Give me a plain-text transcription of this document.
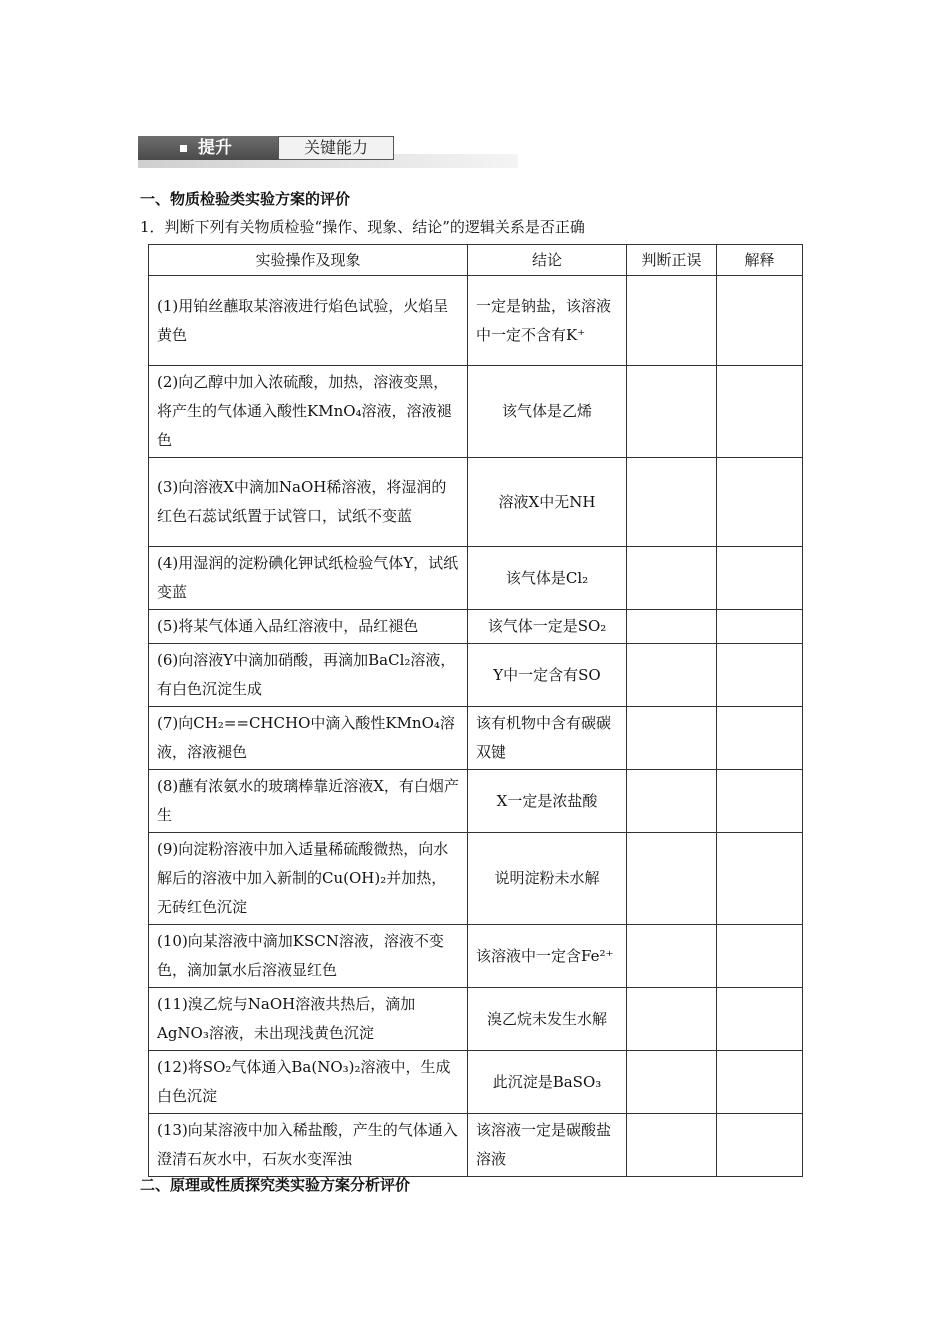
提升	关键能力
一、物质检验类实验方案的评价
1．判断下列有关物质检验“操作、现象、结论”的逻辑关系是否正确
实验操作及现象	结论	判断正误	解释
(1)用铂丝蘸取某溶液进行焰色试验，火焰呈黄色	一定是钠盐，该溶液中一定不含有K⁺		
(2)向乙醇中加入浓硫酸，加热，溶液变黑，将产生的气体通入酸性KMnO₄溶液，溶液褪色	该气体是乙烯		
(3)向溶液X中滴加NaOH稀溶液，将湿润的红色石蕊试纸置于试管口，试纸不变蓝	溶液X中无NH		
(4)用湿润的淀粉碘化钾试纸检验气体Y，试纸变蓝	该气体是Cl₂		
(5)将某气体通入品红溶液中，品红褪色	该气体一定是SO₂		
(6)向溶液Y中滴加硝酸，再滴加BaCl₂溶液，有白色沉淀生成	Y中一定含有SO		
(7)向CH₂==CHCHO中滴入酸性KMnO₄溶液，溶液褪色	该有机物中含有碳碳双键		
(8)蘸有浓氨水的玻璃棒靠近溶液X，有白烟产生	X一定是浓盐酸		
(9)向淀粉溶液中加入适量稀硫酸微热，向水解后的溶液中加入新制的Cu(OH)₂并加热，无砖红色沉淀	说明淀粉未水解		
(10)向某溶液中滴加KSCN溶液，溶液不变色，滴加氯水后溶液显红色	该溶液中一定含Fe²⁺		
(11)溴乙烷与NaOH溶液共热后，滴加AgNO₃溶液，未出现浅黄色沉淀	溴乙烷未发生水解		
(12)将SO₂气体通入Ba(NO₃)₂溶液中，生成白色沉淀	此沉淀是BaSO₃		
(13)向某溶液中加入稀盐酸，产生的气体通入澄清石灰水中，石灰水变浑浊	该溶液一定是碳酸盐溶液		
二、原理或性质探究类实验方案分析评价
